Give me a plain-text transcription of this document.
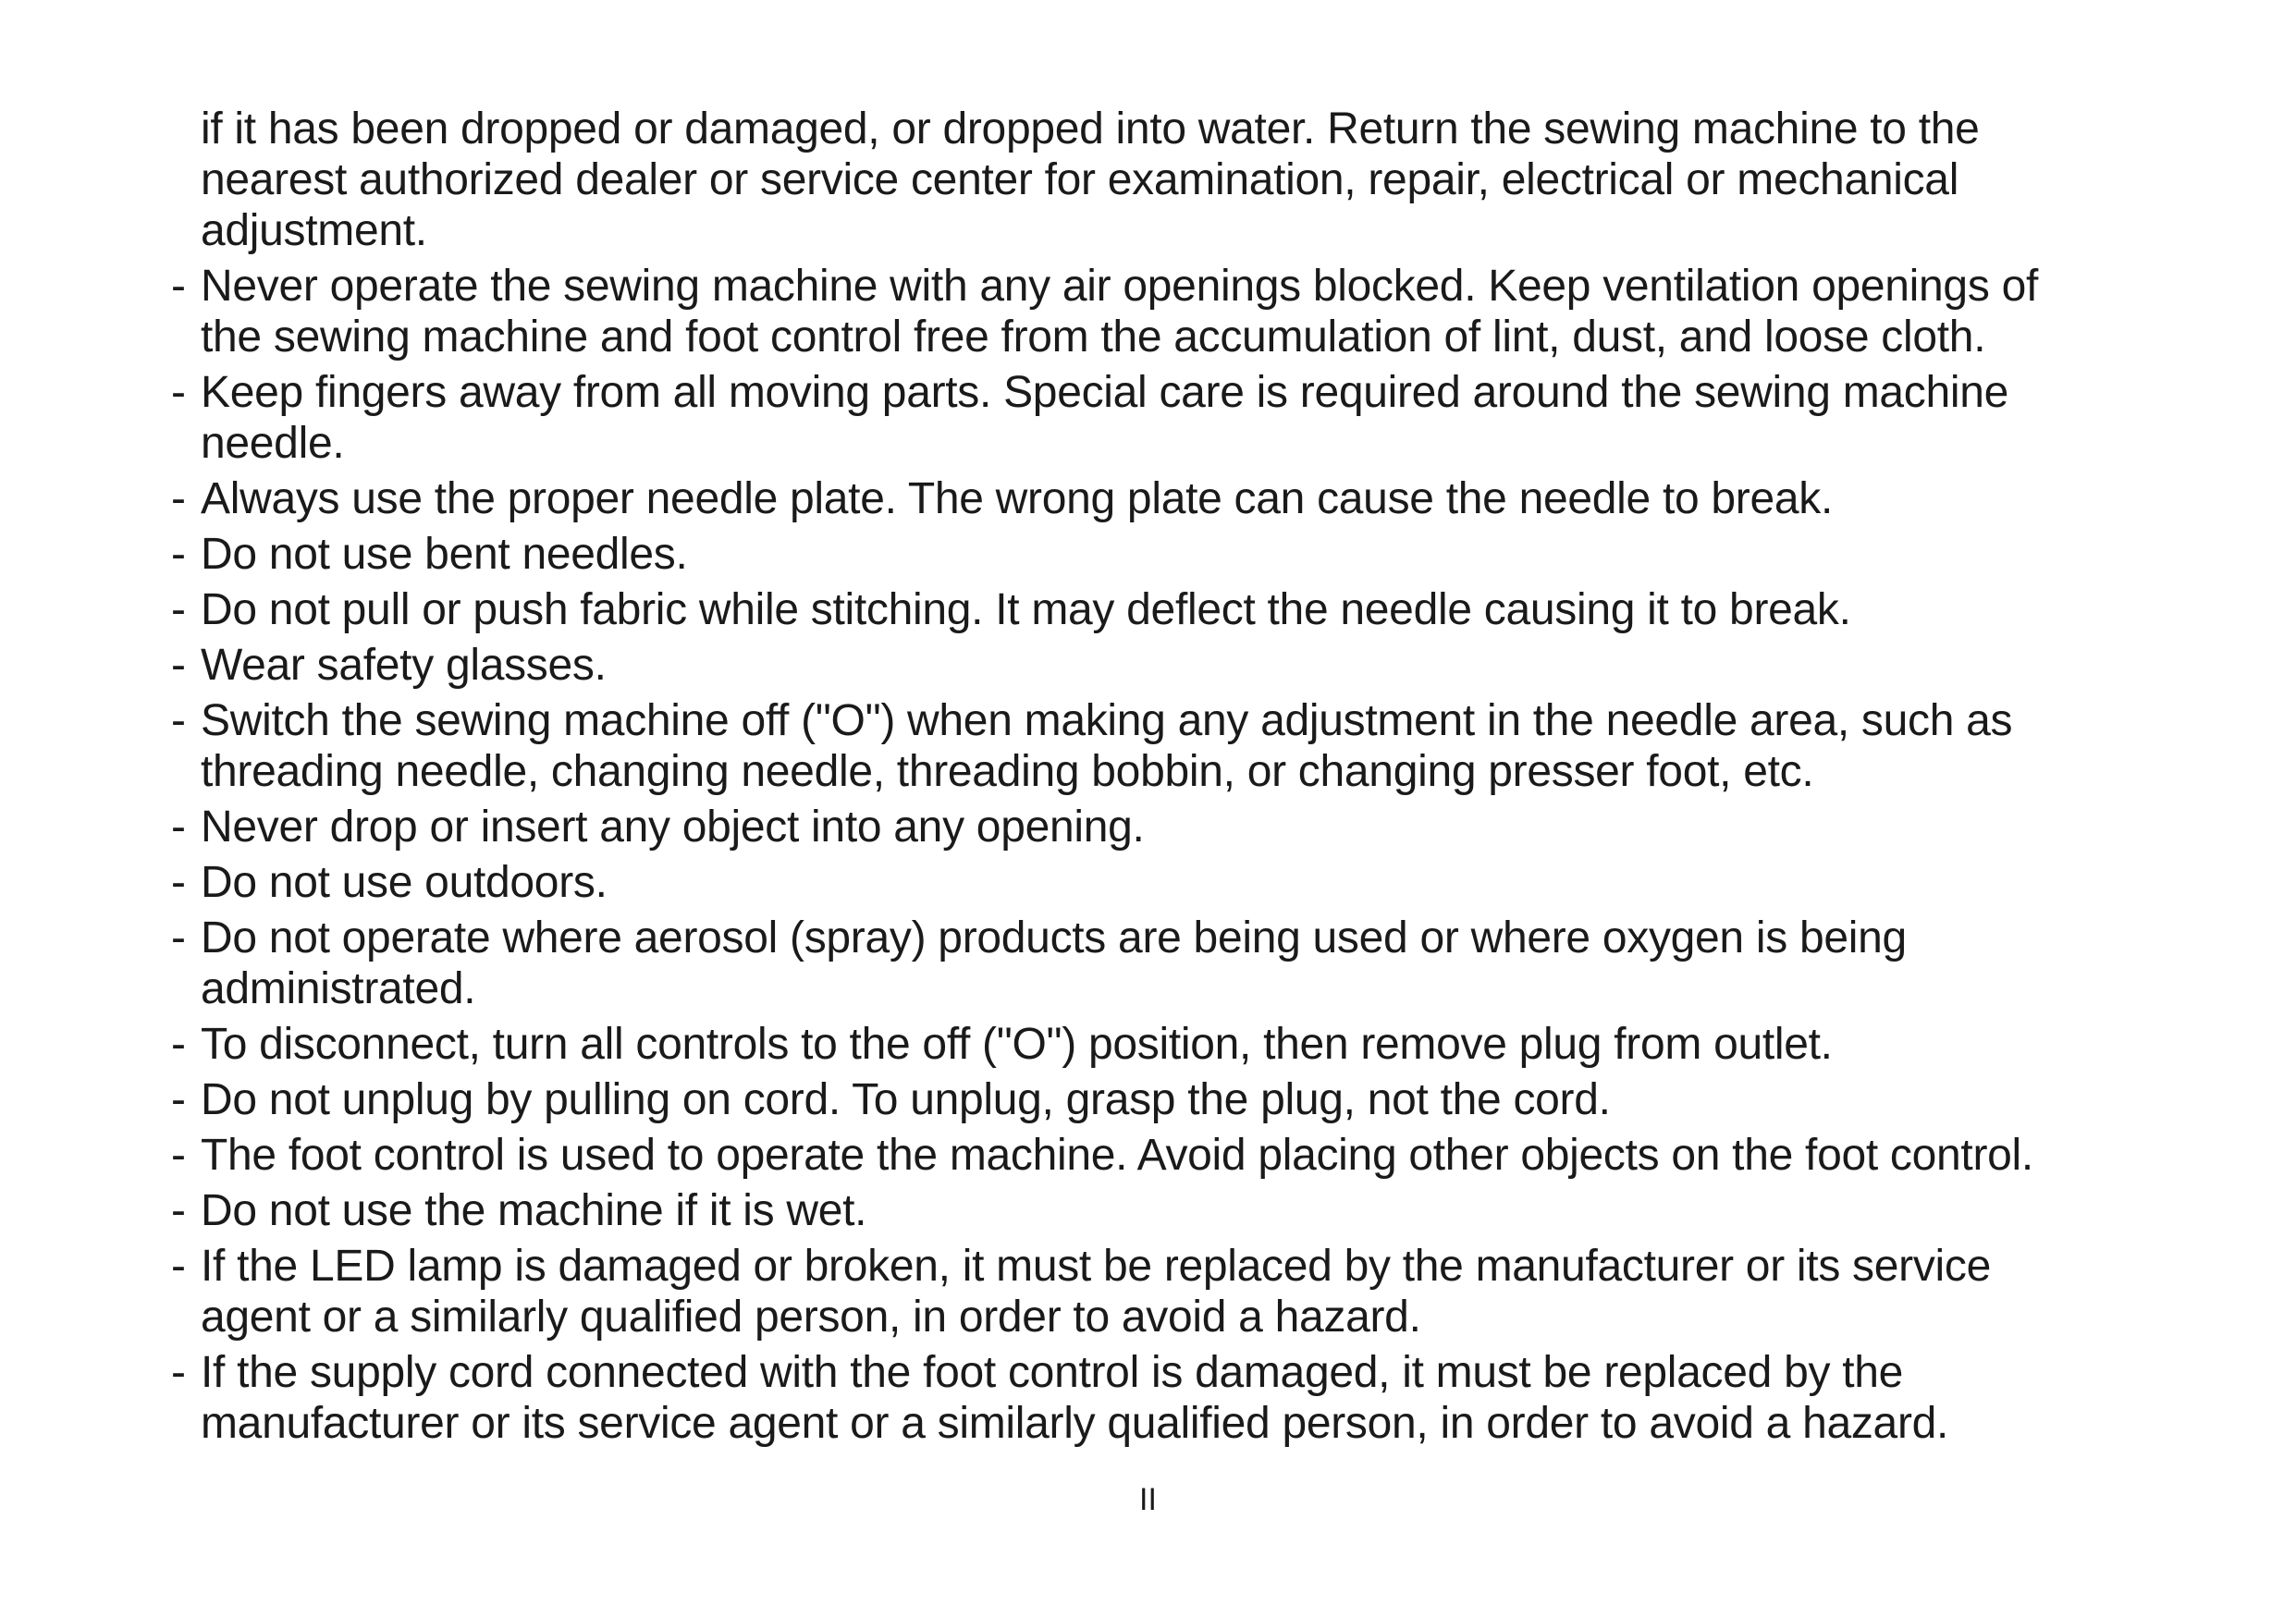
if it has been dropped or damaged, or dropped into water. Return the sewing machine to the
nearest authorized dealer or service center for examination, repair, electrical or mechanical
adjustment.

- Never operate the sewing machine with any air openings blocked. Keep ventilation openings of
the sewing machine and foot control free from the accumulation of lint, dust, and loose cloth.

- Keep fingers away from all moving parts. Special care is required around the sewing machine
needle.

- Always use the proper needle plate. The wrong plate can cause the needle to break.

- Do not use bent needles.

- Do not pull or push fabric while stitching. It may deflect the needle causing it to break.

- Wear safety glasses.

- Switch the sewing machine off ("O") when making any adjustment in the needle area, such as
threading needle, changing needle, threading bobbin, or changing presser foot, etc.

- Never drop or insert any object into any opening.

- Do not use outdoors.

- Do not operate where aerosol (spray) products are being used or where oxygen is being
administrated.

- To disconnect, turn all controls to the off ("O") position, then remove plug from outlet.

- Do not unplug by pulling on cord. To unplug, grasp the plug, not the cord.

- The foot control is used to operate the machine. Avoid placing other objects on the foot control.

- Do not use the machine if it is wet.

- If the LED lamp is damaged or broken, it must be replaced by the manufacturer or its service
agent or a similarly qualified person, in order to avoid a hazard.

- If the supply cord connected with the foot control is damaged, it must be replaced by the
manufacturer or its service agent or a similarly qualified person, in order to avoid a hazard.

II
